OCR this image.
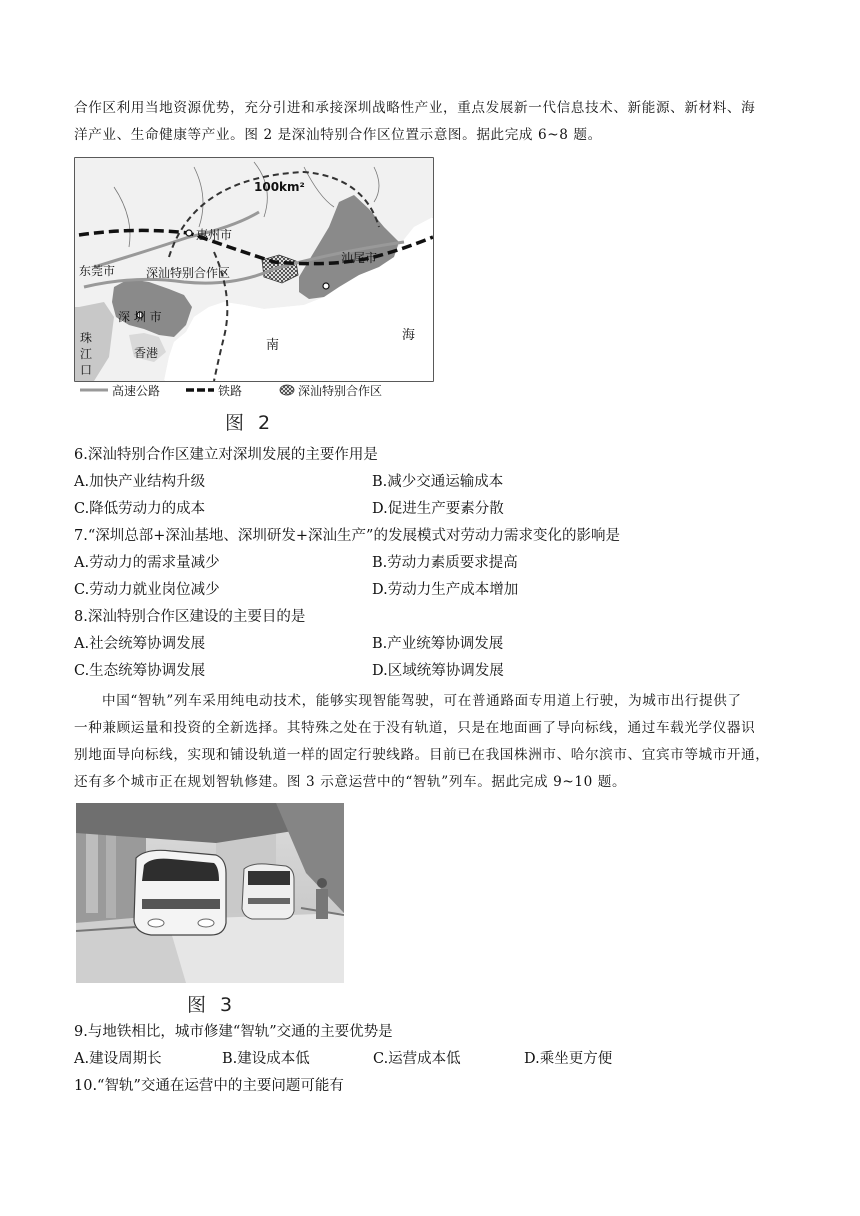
合作区利用当地资源优势，充分引进和承接深圳战略性产业，重点发展新一代信息技术、新能源、新材料、海
洋产业、生命健康等产业。图 2 是深汕特别合作区位置示意图。据此完成 6~8 题。
100km²
惠州市
东莞市
汕尾市
深汕特别合作区
深 圳 市
珠
江
口
香港	南
海
高速公路	铁路	深汕特别合作区
图 2
6.深汕特别合作区建立对深圳发展的主要作用是
A.加快产业结构升级	B.减少交通运输成本
C.降低劳动力的成本	D.促进生产要素分散
7.“深圳总部+深汕基地、深圳研发+深汕生产”的发展模式对劳动力需求变化的影响是
A.劳动力的需求量减少	B.劳动力素质要求提高
C.劳动力就业岗位减少	D.劳动力生产成本增加
8.深汕特别合作区建设的主要目的是
A.社会统筹协调发展	B.产业统筹协调发展
C.生态统筹协调发展	D.区域统筹协调发展
中国“智轨”列车采用纯电动技术，能够实现智能驾驶，可在普通路面专用道上行驶，为城市出行提供了
一种兼顾运量和投资的全新选择。其特殊之处在于没有轨道，只是在地面画了导向标线，通过车载光学仪器识
别地面导向标线，实现和铺设轨道一样的固定行驶线路。目前已在我国株洲市、哈尔滨市、宜宾市等城市开通，
还有多个城市正在规划智轨修建。图 3 示意运营中的“智轨”列车。据此完成 9~10 题。
图 3
9.与地铁相比，城市修建“智轨”交通的主要优势是
A.建设周期长	B.建设成本低	C.运营成本低	D.乘坐更方便
10.“智轨”交通在运营中的主要问题可能有
